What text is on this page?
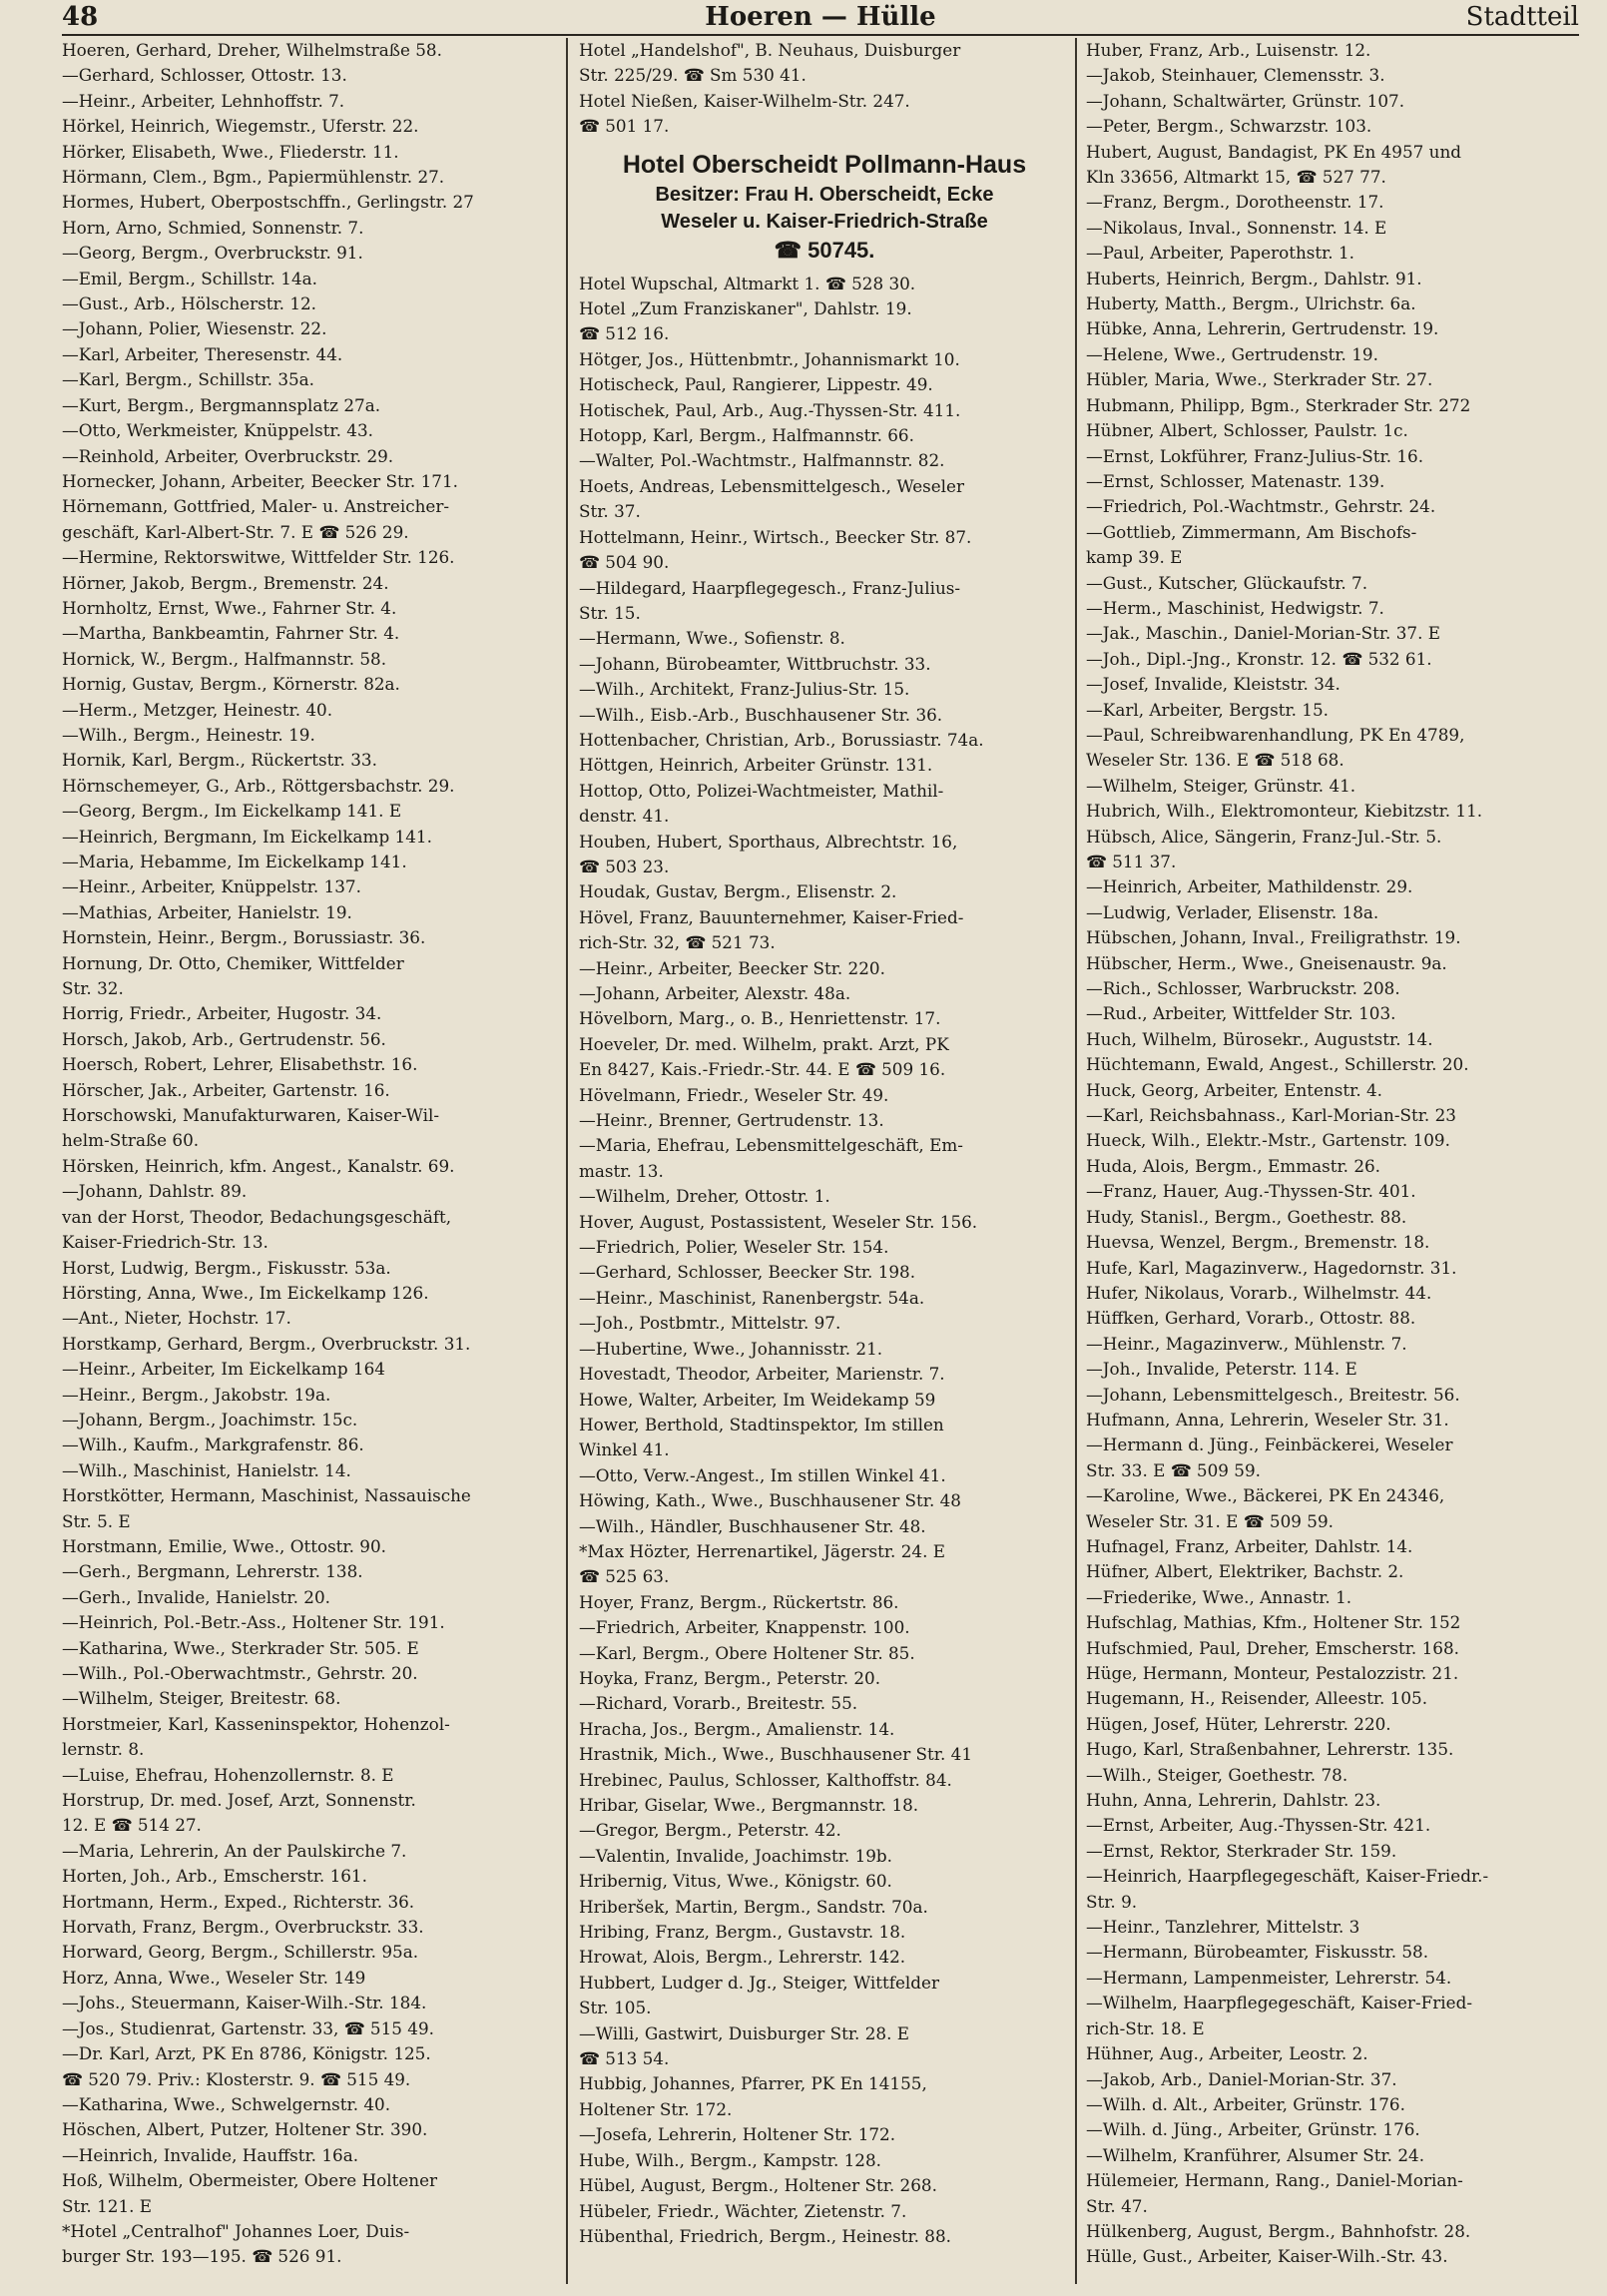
48	Hoeren — Hülle	Stadtteil
Hoeren, Gerhard, Dreher, Wilhelmstraße 58.
—Gerhard, Schlosser, Ottostr. 13.
—Heinr., Arbeiter, Lehnhoffstr. 7.
Hörkel, Heinrich, Wiegemstr., Uferstr. 22.
Hörker, Elisabeth, Wwe., Fliederstr. 11.
Hörmann, Clem., Bgm., Papiermühlenstr. 27.
Hormes, Hubert, Oberpostschffn., Gerlingstr. 27
Horn, Arno, Schmied, Sonnenstr. 7.
—Georg, Bergm., Overbruckstr. 91.
—Emil, Bergm., Schillstr. 14a.
—Gust., Arb., Hölscherstr. 12.
—Johann, Polier, Wiesenstr. 22.
—Karl, Arbeiter, Theresenstr. 44.
—Karl, Bergm., Schillstr. 35a.
—Kurt, Bergm., Bergmannsplatz 27a.
—Otto, Werkmeister, Knüppelstr. 43.
—Reinhold, Arbeiter, Overbruckstr. 29.
Hornecker, Johann, Arbeiter, Beecker Str. 171.
Hörnemann, Gottfried, Maler- u. Anstreicher-
geschäft, Karl-Albert-Str. 7. E ☎ 526 29.
—Hermine, Rektorswitwe, Wittfelder Str. 126.
Hörner, Jakob, Bergm., Bremenstr. 24.
Hornholtz, Ernst, Wwe., Fahrner Str. 4.
—Martha, Bankbeamtin, Fahrner Str. 4.
Hornick, W., Bergm., Halfmannstr. 58.
Hornig, Gustav, Bergm., Körnerstr. 82a.
—Herm., Metzger, Heinestr. 40.
—Wilh., Bergm., Heinestr. 19.
Hornik, Karl, Bergm., Rückertstr. 33.
Hörnschemeyer, G., Arb., Röttgersbachstr. 29.
—Georg, Bergm., Im Eickelkamp 141. E
—Heinrich, Bergmann, Im Eickelkamp 141.
—Maria, Hebamme, Im Eickelkamp 141.
—Heinr., Arbeiter, Knüppelstr. 137.
—Mathias, Arbeiter, Hanielstr. 19.
Hornstein, Heinr., Bergm., Borussiastr. 36.
Hornung, Dr. Otto, Chemiker, Wittfelder
Str. 32.
Horrig, Friedr., Arbeiter, Hugostr. 34.
Horsch, Jakob, Arb., Gertrudenstr. 56.
Hoersch, Robert, Lehrer, Elisabethstr. 16.
Hörscher, Jak., Arbeiter, Gartenstr. 16.
Horschowski, Manufakturwaren, Kaiser-Wil-
helm-Straße 60.
Hörsken, Heinrich, kfm. Angest., Kanalstr. 69.
—Johann, Dahlstr. 89.
van der Horst, Theodor, Bedachungsgeschäft,
Kaiser-Friedrich-Str. 13.
Horst, Ludwig, Bergm., Fiskusstr. 53a.
Hörsting, Anna, Wwe., Im Eickelkamp 126.
—Ant., Nieter, Hochstr. 17.
Horstkamp, Gerhard, Bergm., Overbruckstr. 31.
—Heinr., Arbeiter, Im Eickelkamp 164
—Heinr., Bergm., Jakobstr. 19a.
—Johann, Bergm., Joachimstr. 15c.
—Wilh., Kaufm., Markgrafenstr. 86.
—Wilh., Maschinist, Hanielstr. 14.
Horstkötter, Hermann, Maschinist, Nassauische
Str. 5. E
Horstmann, Emilie, Wwe., Ottostr. 90.
—Gerh., Bergmann, Lehrerstr. 138.
—Gerh., Invalide, Hanielstr. 20.
—Heinrich, Pol.-Betr.-Ass., Holtener Str. 191.
—Katharina, Wwe., Sterkrader Str. 505. E
—Wilh., Pol.-Oberwachtmstr., Gehrstr. 20.
—Wilhelm, Steiger, Breitestr. 68.
Horstmeier, Karl, Kasseninspektor, Hohenzol-
lernstr. 8.
—Luise, Ehefrau, Hohenzollernstr. 8. E
Horstrup, Dr. med. Josef, Arzt, Sonnenstr.
12. E ☎ 514 27.
—Maria, Lehrerin, An der Paulskirche 7.
Horten, Joh., Arb., Emscherstr. 161.
Hortmann, Herm., Exped., Richterstr. 36.
Horvath, Franz, Bergm., Overbruckstr. 33.
Horward, Georg, Bergm., Schillerstr. 95a.
Horz, Anna, Wwe., Weseler Str. 149
—Johs., Steuermann, Kaiser-Wilh.-Str. 184.
—Jos., Studienrat, Gartenstr. 33, ☎ 515 49.
—Dr. Karl, Arzt, PK En 8786, Königstr. 125.
☎ 520 79. Priv.: Klosterstr. 9. ☎ 515 49.
—Katharina, Wwe., Schwelgernstr. 40.
Höschen, Albert, Putzer, Holtener Str. 390.
—Heinrich, Invalide, Hauffstr. 16a.
Hoß, Wilhelm, Obermeister, Obere Holtener
Str. 121. E
*Hotel „Centralhof" Johannes Loer, Duis-
burger Str. 193—195. ☎ 526 91.
Hotel „Handelshof", B. Neuhaus, Duisburger
Str. 225/29. ☎ Sm 530 41.
Hotel Nießen, Kaiser-Wilhelm-Str. 247.
☎ 501 17.
Hotel Oberscheidt Pollmann-Haus
Besitzer: Frau H. Oberscheidt, Ecke
Weseler u. Kaiser-Friedrich-Straße
☎ 50745.
Hotel Wupschal, Altmarkt 1. ☎ 528 30.
Hotel „Zum Franziskaner", Dahlstr. 19.
☎ 512 16.
Hötger, Jos., Hüttenbmtr., Johannismarkt 10.
Hotischeck, Paul, Rangierer, Lippestr. 49.
Hotischek, Paul, Arb., Aug.-Thyssen-Str. 411.
Hotopp, Karl, Bergm., Halfmannstr. 66.
—Walter, Pol.-Wachtmstr., Halfmannstr. 82.
Hoets, Andreas, Lebensmittelgesch., Weseler
Str. 37.
Hottelmann, Heinr., Wirtsch., Beecker Str. 87.
☎ 504 90.
—Hildegard, Haarpflegegesch., Franz-Julius-
Str. 15.
—Hermann, Wwe., Sofienstr. 8.
—Johann, Bürobeamter, Wittbruchstr. 33.
—Wilh., Architekt, Franz-Julius-Str. 15.
—Wilh., Eisb.-Arb., Buschhausener Str. 36.
Hottenbacher, Christian, Arb., Borussiastr. 74a.
Höttgen, Heinrich, Arbeiter Grünstr. 131.
Hottop, Otto, Polizei-Wachtmeister, Mathil-
denstr. 41.
Houben, Hubert, Sporthaus, Albrechtstr. 16,
☎ 503 23.
Houdak, Gustav, Bergm., Elisenstr. 2.
Hövel, Franz, Bauunternehmer, Kaiser-Fried-
rich-Str. 32, ☎ 521 73.
—Heinr., Arbeiter, Beecker Str. 220.
—Johann, Arbeiter, Alexstr. 48a.
Hövelborn, Marg., o. B., Henriettenstr. 17.
Hoeveler, Dr. med. Wilhelm, prakt. Arzt, PK
En 8427, Kais.-Friedr.-Str. 44. E ☎ 509 16.
Hövelmann, Friedr., Weseler Str. 49.
—Heinr., Brenner, Gertrudenstr. 13.
—Maria, Ehefrau, Lebensmittelgeschäft, Em-
mastr. 13.
—Wilhelm, Dreher, Ottostr. 1.
Hover, August, Postassistent, Weseler Str. 156.
—Friedrich, Polier, Weseler Str. 154.
—Gerhard, Schlosser, Beecker Str. 198.
—Heinr., Maschinist, Ranenbergstr. 54a.
—Joh., Postbmtr., Mittelstr. 97.
—Hubertine, Wwe., Johannisstr. 21.
Hovestadt, Theodor, Arbeiter, Marienstr. 7.
Howe, Walter, Arbeiter, Im Weidekamp 59
Hower, Berthold, Stadtinspektor, Im stillen
Winkel 41.
—Otto, Verw.-Angest., Im stillen Winkel 41.
Höwing, Kath., Wwe., Buschhausener Str. 48
—Wilh., Händler, Buschhausener Str. 48.
*Max Hözter, Herrenartikel, Jägerstr. 24. E
☎ 525 63.
Hoyer, Franz, Bergm., Rückertstr. 86.
—Friedrich, Arbeiter, Knappenstr. 100.
—Karl, Bergm., Obere Holtener Str. 85.
Hoyka, Franz, Bergm., Peterstr. 20.
—Richard, Vorarb., Breitestr. 55.
Hracha, Jos., Bergm., Amalienstr. 14.
Hrastnik, Mich., Wwe., Buschhausener Str. 41
Hrebinec, Paulus, Schlosser, Kalthoffstr. 84.
Hribar, Giselar, Wwe., Bergmannstr. 18.
—Gregor, Bergm., Peterstr. 42.
—Valentin, Invalide, Joachimstr. 19b.
Hribernig, Vitus, Wwe., Königstr. 60.
Hriberšek, Martin, Bergm., Sandstr. 70a.
Hribing, Franz, Bergm., Gustavstr. 18.
Hrowat, Alois, Bergm., Lehrerstr. 142.
Hubbert, Ludger d. Jg., Steiger, Wittfelder
Str. 105.
—Willi, Gastwirt, Duisburger Str. 28. E
☎ 513 54.
Hubbig, Johannes, Pfarrer, PK En 14155,
Holtener Str. 172.
—Josefa, Lehrerin, Holtener Str. 172.
Hube, Wilh., Bergm., Kampstr. 128.
Hübel, August, Bergm., Holtener Str. 268.
Hübeler, Friedr., Wächter, Zietenstr. 7.
Hübenthal, Friedrich, Bergm., Heinestr. 88.
Huber, Franz, Arb., Luisenstr. 12.
—Jakob, Steinhauer, Clemensstr. 3.
—Johann, Schaltwärter, Grünstr. 107.
—Peter, Bergm., Schwarzstr. 103.
Hubert, August, Bandagist, PK En 4957 und
Kln 33656, Altmarkt 15, ☎ 527 77.
—Franz, Bergm., Dorotheenstr. 17.
—Nikolaus, Inval., Sonnenstr. 14. E
—Paul, Arbeiter, Paperothstr. 1.
Huberts, Heinrich, Bergm., Dahlstr. 91.
Huberty, Matth., Bergm., Ulrichstr. 6a.
Hübke, Anna, Lehrerin, Gertrudenstr. 19.
—Helene, Wwe., Gertrudenstr. 19.
Hübler, Maria, Wwe., Sterkrader Str. 27.
Hubmann, Philipp, Bgm., Sterkrader Str. 272
Hübner, Albert, Schlosser, Paulstr. 1c.
—Ernst, Lokführer, Franz-Julius-Str. 16.
—Ernst, Schlosser, Matenastr. 139.
—Friedrich, Pol.-Wachtmstr., Gehrstr. 24.
—Gottlieb, Zimmermann, Am Bischofs-
kamp 39. E
—Gust., Kutscher, Glückaufstr. 7.
—Herm., Maschinist, Hedwigstr. 7.
—Jak., Maschin., Daniel-Morian-Str. 37. E
—Joh., Dipl.-Jng., Kronstr. 12. ☎ 532 61.
—Josef, Invalide, Kleiststr. 34.
—Karl, Arbeiter, Bergstr. 15.
—Paul, Schreibwarenhandlung, PK En 4789,
Weseler Str. 136. E ☎ 518 68.
—Wilhelm, Steiger, Grünstr. 41.
Hubrich, Wilh., Elektromonteur, Kiebitzstr. 11.
Hübsch, Alice, Sängerin, Franz-Jul.-Str. 5.
☎ 511 37.
—Heinrich, Arbeiter, Mathildenstr. 29.
—Ludwig, Verlader, Elisenstr. 18a.
Hübschen, Johann, Inval., Freiligrathstr. 19.
Hübscher, Herm., Wwe., Gneisenaustr. 9a.
—Rich., Schlosser, Warbruckstr. 208.
—Rud., Arbeiter, Wittfelder Str. 103.
Huch, Wilhelm, Bürosekr., Auguststr. 14.
Hüchtemann, Ewald, Angest., Schillerstr. 20.
Huck, Georg, Arbeiter, Entenstr. 4.
—Karl, Reichsbahnass., Karl-Morian-Str. 23
Hueck, Wilh., Elektr.-Mstr., Gartenstr. 109.
Huda, Alois, Bergm., Emmastr. 26.
—Franz, Hauer, Aug.-Thyssen-Str. 401.
Hudy, Stanisl., Bergm., Goethestr. 88.
Huevsa, Wenzel, Bergm., Bremenstr. 18.
Hufe, Karl, Magazinverw., Hagedornstr. 31.
Hufer, Nikolaus, Vorarb., Wilhelmstr. 44.
Hüffken, Gerhard, Vorarb., Ottostr. 88.
—Heinr., Magazinverw., Mühlenstr. 7.
—Joh., Invalide, Peterstr. 114. E
—Johann, Lebensmittelgesch., Breitestr. 56.
Hufmann, Anna, Lehrerin, Weseler Str. 31.
—Hermann d. Jüng., Feinbäckerei, Weseler
Str. 33. E ☎ 509 59.
—Karoline, Wwe., Bäckerei, PK En 24346,
Weseler Str. 31. E ☎ 509 59.
Hufnagel, Franz, Arbeiter, Dahlstr. 14.
Hüfner, Albert, Elektriker, Bachstr. 2.
—Friederike, Wwe., Annastr. 1.
Hufschlag, Mathias, Kfm., Holtener Str. 152
Hufschmied, Paul, Dreher, Emscherstr. 168.
Hüge, Hermann, Monteur, Pestalozzistr. 21.
Hugemann, H., Reisender, Alleestr. 105.
Hügen, Josef, Hüter, Lehrerstr. 220.
Hugo, Karl, Straßenbahner, Lehrerstr. 135.
—Wilh., Steiger, Goethestr. 78.
Huhn, Anna, Lehrerin, Dahlstr. 23.
—Ernst, Arbeiter, Aug.-Thyssen-Str. 421.
—Ernst, Rektor, Sterkrader Str. 159.
—Heinrich, Haarpflegegeschäft, Kaiser-Friedr.-
Str. 9.
—Heinr., Tanzlehrer, Mittelstr. 3
—Hermann, Bürobeamter, Fiskusstr. 58.
—Hermann, Lampenmeister, Lehrerstr. 54.
—Wilhelm, Haarpflegegeschäft, Kaiser-Fried-
rich-Str. 18. E
Hühner, Aug., Arbeiter, Leostr. 2.
—Jakob, Arb., Daniel-Morian-Str. 37.
—Wilh. d. Alt., Arbeiter, Grünstr. 176.
—Wilh. d. Jüng., Arbeiter, Grünstr. 176.
—Wilhelm, Kranführer, Alsumer Str. 24.
Hülemeier, Hermann, Rang., Daniel-Morian-
Str. 47.
Hülkenberg, August, Bergm., Bahnhofstr. 28.
Hülle, Gust., Arbeiter, Kaiser-Wilh.-Str. 43.
